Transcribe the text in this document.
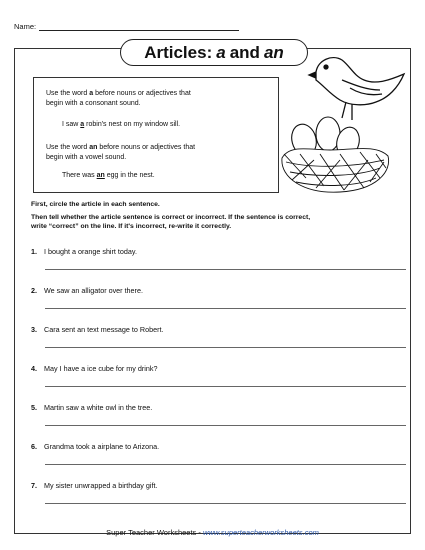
Name:
Articles: a and an
Use the word a before nouns or adjectives that
begin with a consonant sound.
I saw a robin's nest on my window sill.
Use the word an before nouns or adjectives that
begin with a vowel sound.
There was an egg in the nest.
First, circle the article in each sentence.
Then tell whether the article sentence is correct or incorrect. If the sentence is correct,
write “correct” on the line. If it's incorrect, re-write it correctly.
1. I bought a orange shirt today.
2. We saw an alligator over there.
3. Cara sent an text message to Robert.
4. May I have a ice cube for my drink?
5. Martin saw a white owl in the tree.
6. Grandma took a airplane to Arizona.
7. My sister unwrapped a birthday gift.
Super Teacher Worksheets - www.superteacherworksheets.com
